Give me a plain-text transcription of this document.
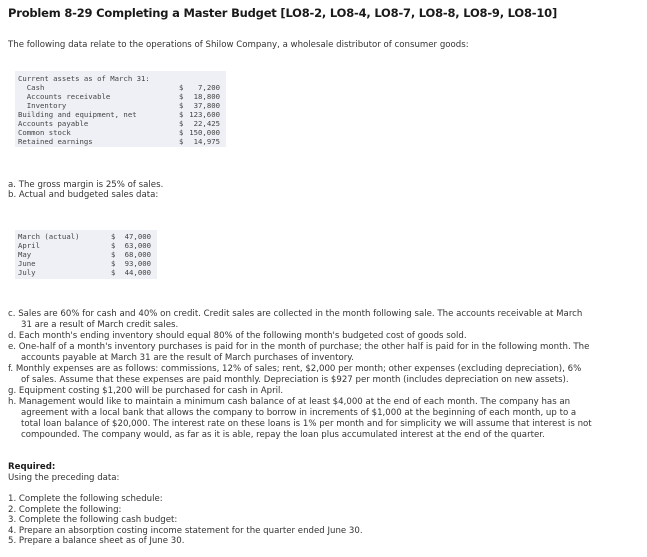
Problem 8-29 Completing a Master Budget [LO8-2, LO8-4, LO8-7, LO8-8, LO8-9, LO8-10]
The following data relate to the operations of Shilow Company, a wholesale distributor of consumer goods:
Current assets as of March 31:
Cash	$ 7,200
Accounts receivable	$ 18,800
Inventory	$ 37,800
Building and equipment, net	$ 123,600
Accounts payable	$ 22,425
Common stock	$ 150,000
Retained earnings	$ 14,975
a. The gross margin is 25% of sales.
b. Actual and budgeted sales data:
March (actual)	$ 47,000
April	$ 63,000
May	$ 68,000
June	$ 93,000
July	$ 44,000
c. Sales are 60% for cash and 40% on credit. Credit sales are collected in the month following sale. The accounts receivable at March
31 are a result of March credit sales.
d. Each month's ending inventory should equal 80% of the following month's budgeted cost of goods sold.
e. One-half of a month's inventory purchases is paid for in the month of purchase; the other half is paid for in the following month. The
accounts payable at March 31 are the result of March purchases of inventory.
f. Monthly expenses are as follows: commissions, 12% of sales; rent, $2,000 per month; other expenses (excluding depreciation), 6%
of sales. Assume that these expenses are paid monthly. Depreciation is $927 per month (includes depreciation on new assets).
g. Equipment costing $1,200 will be purchased for cash in April.
h. Management would like to maintain a minimum cash balance of at least $4,000 at the end of each month. The company has an
agreement with a local bank that allows the company to borrow in increments of $1,000 at the beginning of each month, up to a
total loan balance of $20,000. The interest rate on these loans is 1% per month and for simplicity we will assume that interest is not
compounded. The company would, as far as it is able, repay the loan plus accumulated interest at the end of the quarter.
Required:
Using the preceding data:
1. Complete the following schedule:
2. Complete the following:
3. Complete the following cash budget:
4. Prepare an absorption costing income statement for the quarter ended June 30.
5. Prepare a balance sheet as of June 30.
